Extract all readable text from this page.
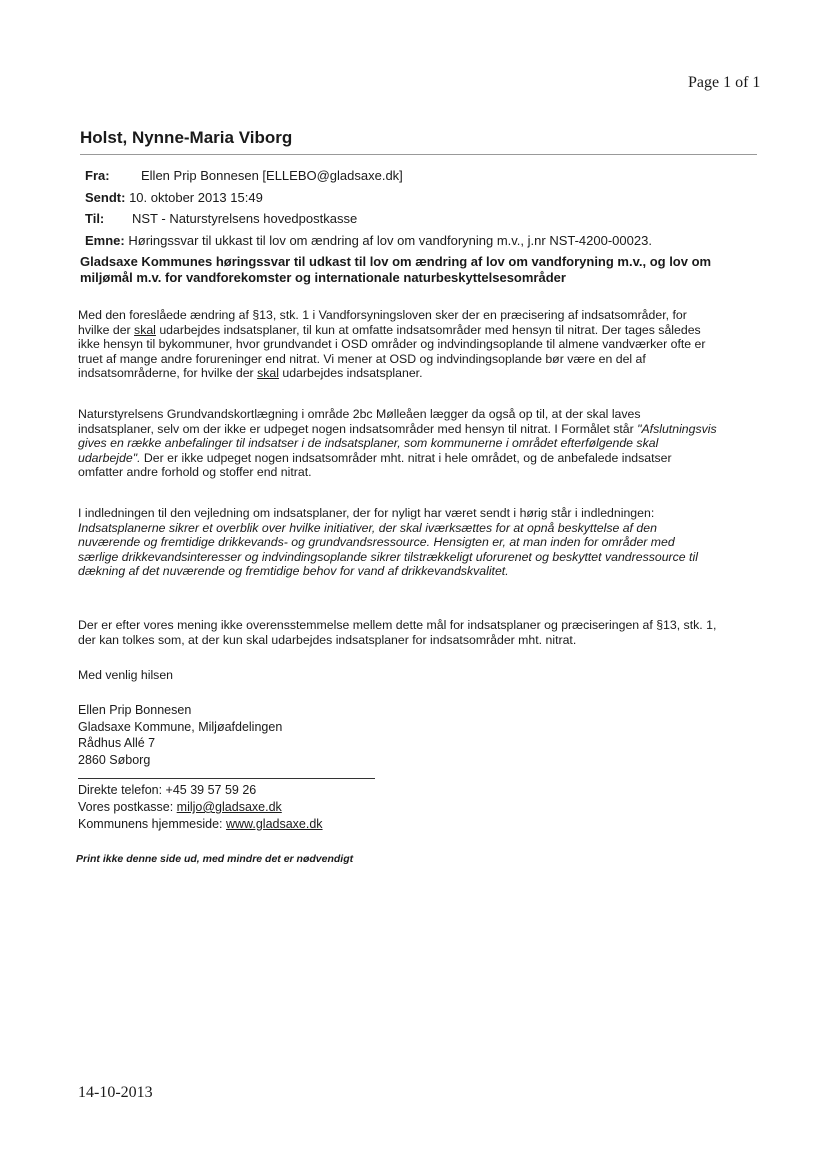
Page 1 of 1
Holst, Nynne-Maria Viborg
Fra: Ellen Prip Bonnesen [ELLEBO@gladsaxe.dk]
Sendt: 10. oktober 2013 15:49
Til: NST - Naturstyrelsens hovedpostkasse
Emne: Høringssvar til ukkast til lov om ændring af lov om vandforyning m.v., j.nr NST-4200-00023.
Gladsaxe Kommunes høringssvar til udkast til lov om ændring af lov om vandforyning m.v., og lov om miljømål m.v. for vandforekomster og internationale naturbeskyttelsesområder

Med den foreslåede ændring af §13, stk. 1 i Vandforsyningsloven sker der en præcisering af indsatsområder, for hvilke der skal udarbejdes indsatsplaner, til kun at omfatte indsatsområder med hensyn til nitrat. Der tages således ikke hensyn til bykommuner, hvor grundvandet i OSD områder og indvindingsoplande til almene vandværker ofte er truet af mange andre forureninger end nitrat. Vi mener at OSD og indvindingsoplande bør være en del af indsatsområderne, for hvilke der skal udarbejdes indsatsplaner.

Naturstyrelsens Grundvandskortlægning i område 2bc Mølleåen lægger da også op til, at der skal laves indsatsplaner, selv om der ikke er udpeget nogen indsatsområder med hensyn til nitrat. I Formålet står "Afslutningsvis gives en række anbefalinger til indsatser i de indsatsplaner, som kommunerne i området efterfølgende skal udarbejde". Der er ikke udpeget nogen indsatsområder mht. nitrat i hele området, og de anbefalede indsatser omfatter andre forhold og stoffer end nitrat.

I indledningen til den vejledning om indsatsplaner, der for nyligt har været sendt i hørig står i indledningen: Indsatsplanerne sikrer et overblik over hvilke initiativer, der skal iværksættes for at opnå beskyttelse af den nuværende og fremtidige drikkevands- og grundvandsressource. Hensigten er, at man inden for områder med særlige drikkevandsinteresser og indvindingsoplande sikrer tilstrækkeligt uforurenet og beskyttet vandressource til dækning af det nuværende og fremtidige behov for vand af drikkevandskvalitet.

Der er efter vores mening ikke overensstemmelse mellem dette mål for indsatsplaner og præciseringen af §13, stk. 1, der kan tolkes som, at der kun skal udarbejdes indsatsplaner for indsatsområder mht. nitrat.

Med venlig hilsen

Ellen Prip Bonnesen
Gladsaxe Kommune, Miljøafdelingen
Rådhus Allé 7
2860 Søborg
Direkte telefon: +45 39 57 59 26
Vores postkasse: miljo@gladsaxe.dk
Kommunens hjemmeside: www.gladsaxe.dk
Print ikke denne side ud, med mindre det er nødvendigt
14-10-2013
